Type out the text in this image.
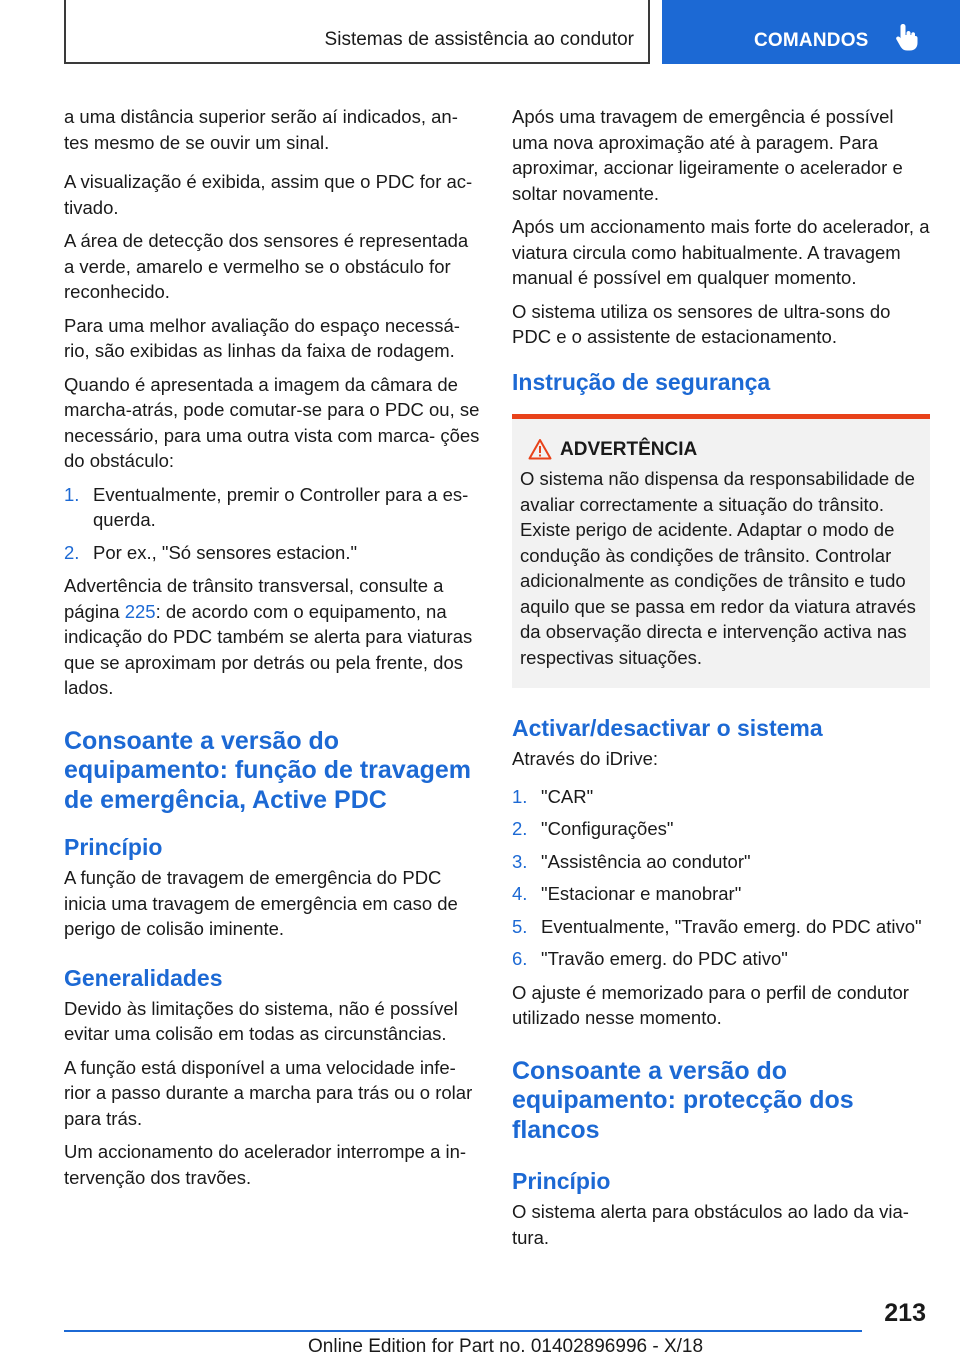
Sistemas de assistência ao condutor	COMANDOS
a uma distância superior serão aí indicados, an‐ tes mesmo de se ouvir um sinal.
A visualização é exibida, assim que o PDC for ac‐ tivado.
A área de detecção dos sensores é representada a verde, amarelo e vermelho se o obstáculo for reconhecido.
Para uma melhor avaliação do espaço necessá‐ rio, são exibidas as linhas da faixa de rodagem.
Quando é apresentada a imagem da câmara de marcha-atrás, pode comutar-se para o PDC ou, se necessário, para uma outra vista com marca‐ ções do obstáculo:
1. Eventualmente, premir o Controller para a es‐ querda.
2. Por ex., "Só sensores estacion."
Advertência de trânsito transversal, consulte a página 225: de acordo com o equipamento, na indicação do PDC também se alerta para viaturas que se aproximam por detrás ou pela frente, dos lados.
Consoante a versão do equipamento: função de travagem de emergência, Active PDC
Princípio
A função de travagem de emergência do PDC inicia uma travagem de emergência em caso de perigo de colisão iminente.
Generalidades
Devido às limitações do sistema, não é possível evitar uma colisão em todas as circunstâncias.
A função está disponível a uma velocidade infe‐ rior a passo durante a marcha para trás ou o rolar para trás.
Um accionamento do acelerador interrompe a in‐ tervenção dos travões.
Após uma travagem de emergência é possível uma nova aproximação até à paragem. Para aproximar, accionar ligeiramente o acelerador e soltar novamente.
Após um accionamento mais forte do acelerador, a viatura circula como habitualmente. A travagem manual é possível em qualquer momento.
O sistema utiliza os sensores de ultra-sons do PDC e o assistente de estacionamento.
Instrução de segurança
ADVERTÊNCIA
O sistema não dispensa da responsabilidade de avaliar correctamente a situação do trânsito. Existe perigo de acidente. Adaptar o modo de condução às condições de trânsito. Controlar adicionalmente as condições de trânsito e tudo aquilo que se passa em redor da viatura através da observação directa e intervenção activa nas respectivas situações.
Activar/desactivar o sistema
Através do iDrive:
1. "CAR"
2. "Configurações"
3. "Assistência ao condutor"
4. "Estacionar e manobrar"
5. Eventualmente, "Travão emerg. do PDC ativo"
6. "Travão emerg. do PDC ativo"
O ajuste é memorizado para o perfil de condutor utilizado nesse momento.
Consoante a versão do equipamento: protecção dos flancos
Princípio
O sistema alerta para obstáculos ao lado da via‐ tura.
213
Online Edition for Part no. 01402896996 - X/18
